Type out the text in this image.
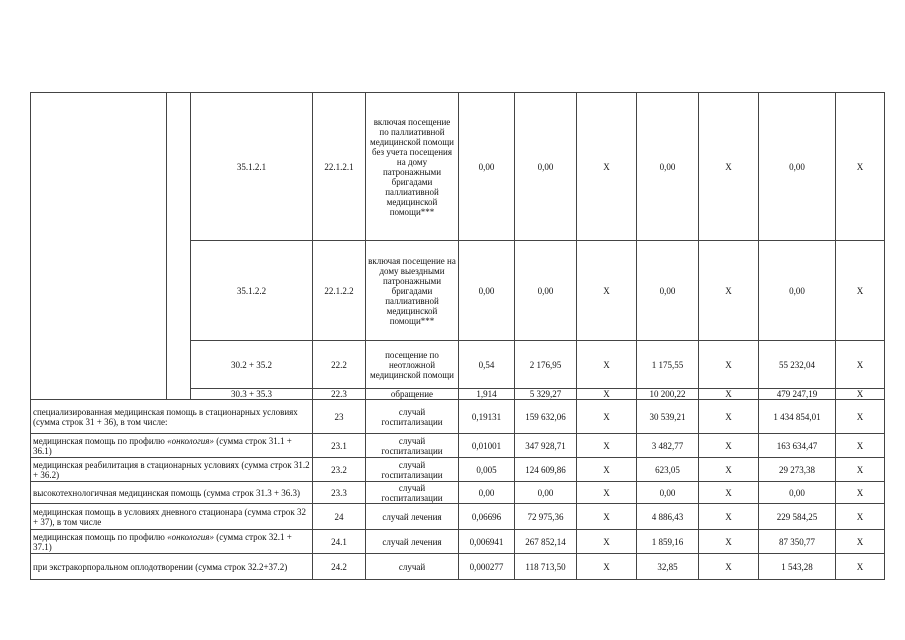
		35.1.2.1	22.1.2.1	включая посещение по паллиативной медицинской помощи без учета посещения на дому патронажными бригадами паллиативной медицинской помощи***	0,00	0,00	X	0,00	X	0,00	X
		35.1.2.2	22.1.2.2	включая посещение на дому выездными патронажными бригадами паллиативной медицинской помощи***	0,00	0,00	X	0,00	X	0,00	X
		30.2 + 35.2	22.2	посещение по неотложной медицинской помощи	0,54	2 176,95	X	1 175,55	X	55 232,04	X
		30.3 + 35.3	22.3	обращение	1,914	5 329,27	X	10 200,22	X	479 247,19	X
специализированная медицинская помощь в стационарных условиях (сумма строк 31 + 36), в том числе:			23	случай госпитализации	0,19131	159 632,06	X	30 539,21	X	1 434 854,01	X
медицинская помощь по профилю «онкология» (сумма строк 31.1 + 36.1)			23.1	случай госпитализации	0,01001	347 928,71	X	3 482,77	X	163 634,47	X
медицинская реабилитация в стационарных условиях (сумма строк 31.2 + 36.2)			23.2	случай госпитализации	0,005	124 609,86	X	623,05	X	29 273,38	X
высокотехнологичная медицинская помощь (сумма строк 31.3 + 36.3)			23.3	случай госпитализации	0,00	0,00	X	0,00	X	0,00	X
медицинская помощь в условиях дневного стационара (сумма строк 32 + 37), в том числе			24	случай лечения	0,06696	72 975,36	X	4 886,43	X	229 584,25	X
медицинская помощь по профилю «онкология» (сумма строк 32.1 + 37.1)			24.1	случай лечения	0,006941	267 852,14	X	1 859,16	X	87 350,77	X
при экстракорпоральном оплодотворении (сумма строк 32.2+37.2)			24.2	случай	0,000277	118 713,50	X	32,85	X	1 543,28	X
